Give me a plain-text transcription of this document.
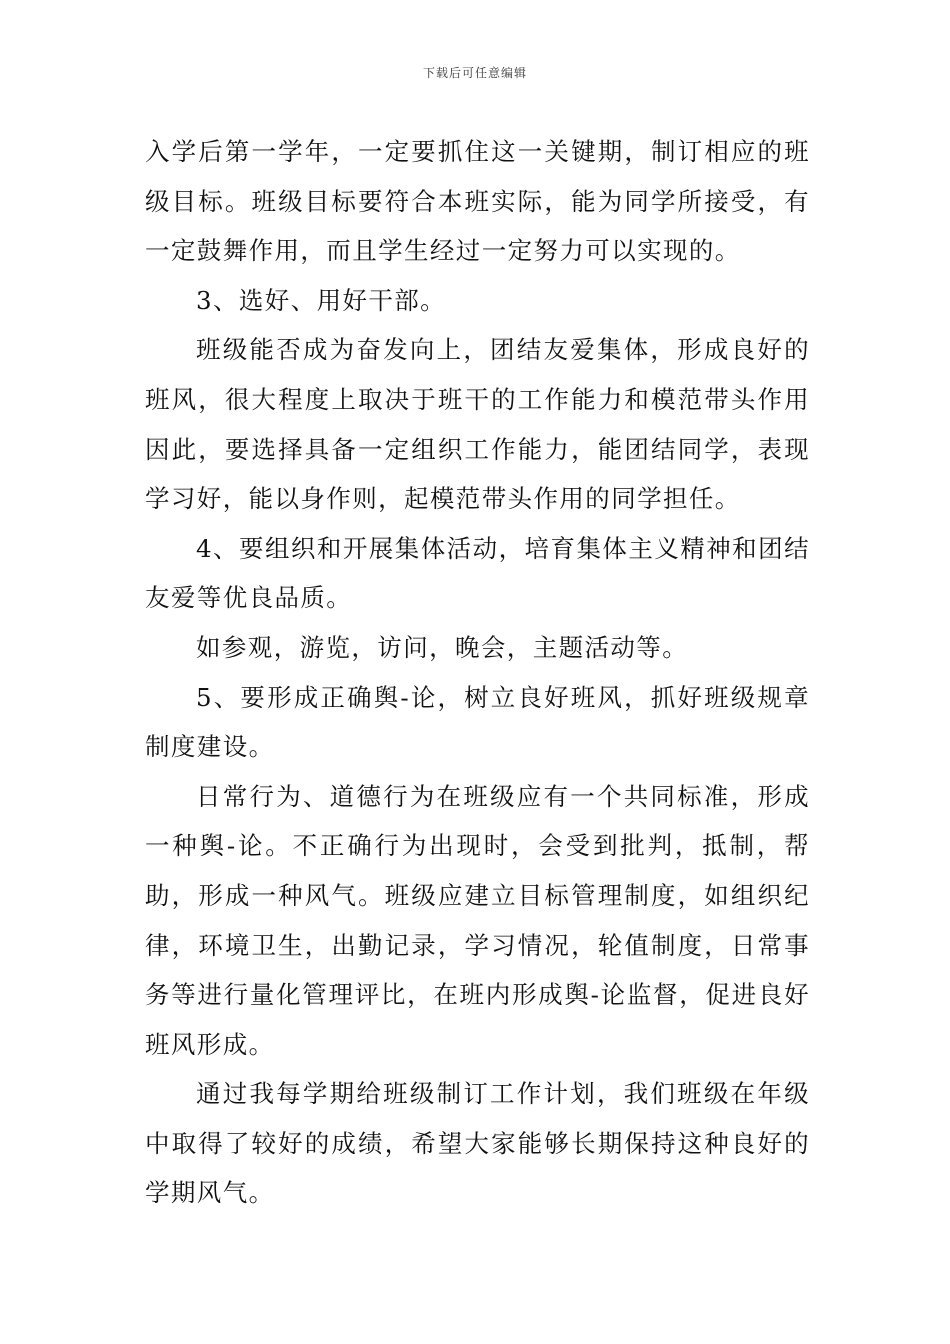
下载后可任意编辑

入学后第一学年，一定要抓住这一关键期，制订相应的班级目标。班级目标要符合本班实际，能为同学所接受，有一定鼓舞作用，而且学生经过一定努力可以实现的。

3、选好、用好干部。

班级能否成为奋发向上，团结友爱集体，形成良好的班风，很大程度上取决于班干的工作能力和模范带头作用因此，要选择具备一定组织工作能力，能团结同学，表现学习好，能以身作则，起模范带头作用的同学担任。

4、要组织和开展集体活动，培育集体主义精神和团结友爱等优良品质。

如参观，游览，访问，晚会，主题活动等。

5、要形成正确舆-论，树立良好班风，抓好班级规章制度建设。

日常行为、道德行为在班级应有一个共同标准，形成一种舆-论。不正确行为出现时，会受到批判，抵制，帮助，形成一种风气。班级应建立目标管理制度，如组织纪律，环境卫生，出勤记录，学习情况，轮值制度，日常事务等进行量化管理评比，在班内形成舆-论监督，促进良好班风形成。

通过我每学期给班级制订工作计划，我们班级在年级中取得了较好的成绩，希望大家能够长期保持这种良好的学期风气。
